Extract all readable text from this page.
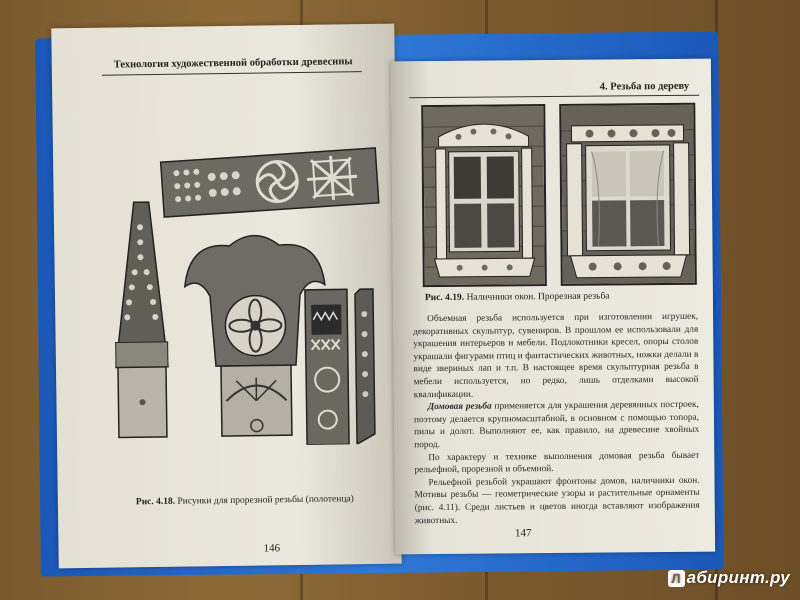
Технология художественной обработки древесины
Рис. 4.18. Рисунки для прорезной резьбы (полотенца)
146
4. Резьба по дереву
Рис. 4.19. Наличники окон. Прорезная резьба

Объемная резьба используется при изготовлении игрушек, декоративных скульптур, сувениров. В прошлом ее использовали для украшения интерьеров и мебели. Подлокотники кресел, опоры столов украшали фигурами птиц и фантастических животных, ножки делали в виде звериных лап и т.п. В настоящее время скульптурная резьба в мебели используется, но редко, лишь отделками высокой квалификации.

Домовая резьба применяется для украшения деревянных построек, поэтому делается крупномасштабной, в основном с помощью топора, пилы и долот. Выполняют ее, как правило, на древесине хвойных пород.

По характеру и технике выполнения домовая резьба бывает рельефной, прорезной и объемной.

Рельефной резьбой украшают фронтоны домов, наличники окон. Мотивы резьбы — геометрические узоры и растительные орнаменты (рис. 4.11). Среди листьев и цветов иногда вставляют изображения животных.

147
Л абиринт.ру
